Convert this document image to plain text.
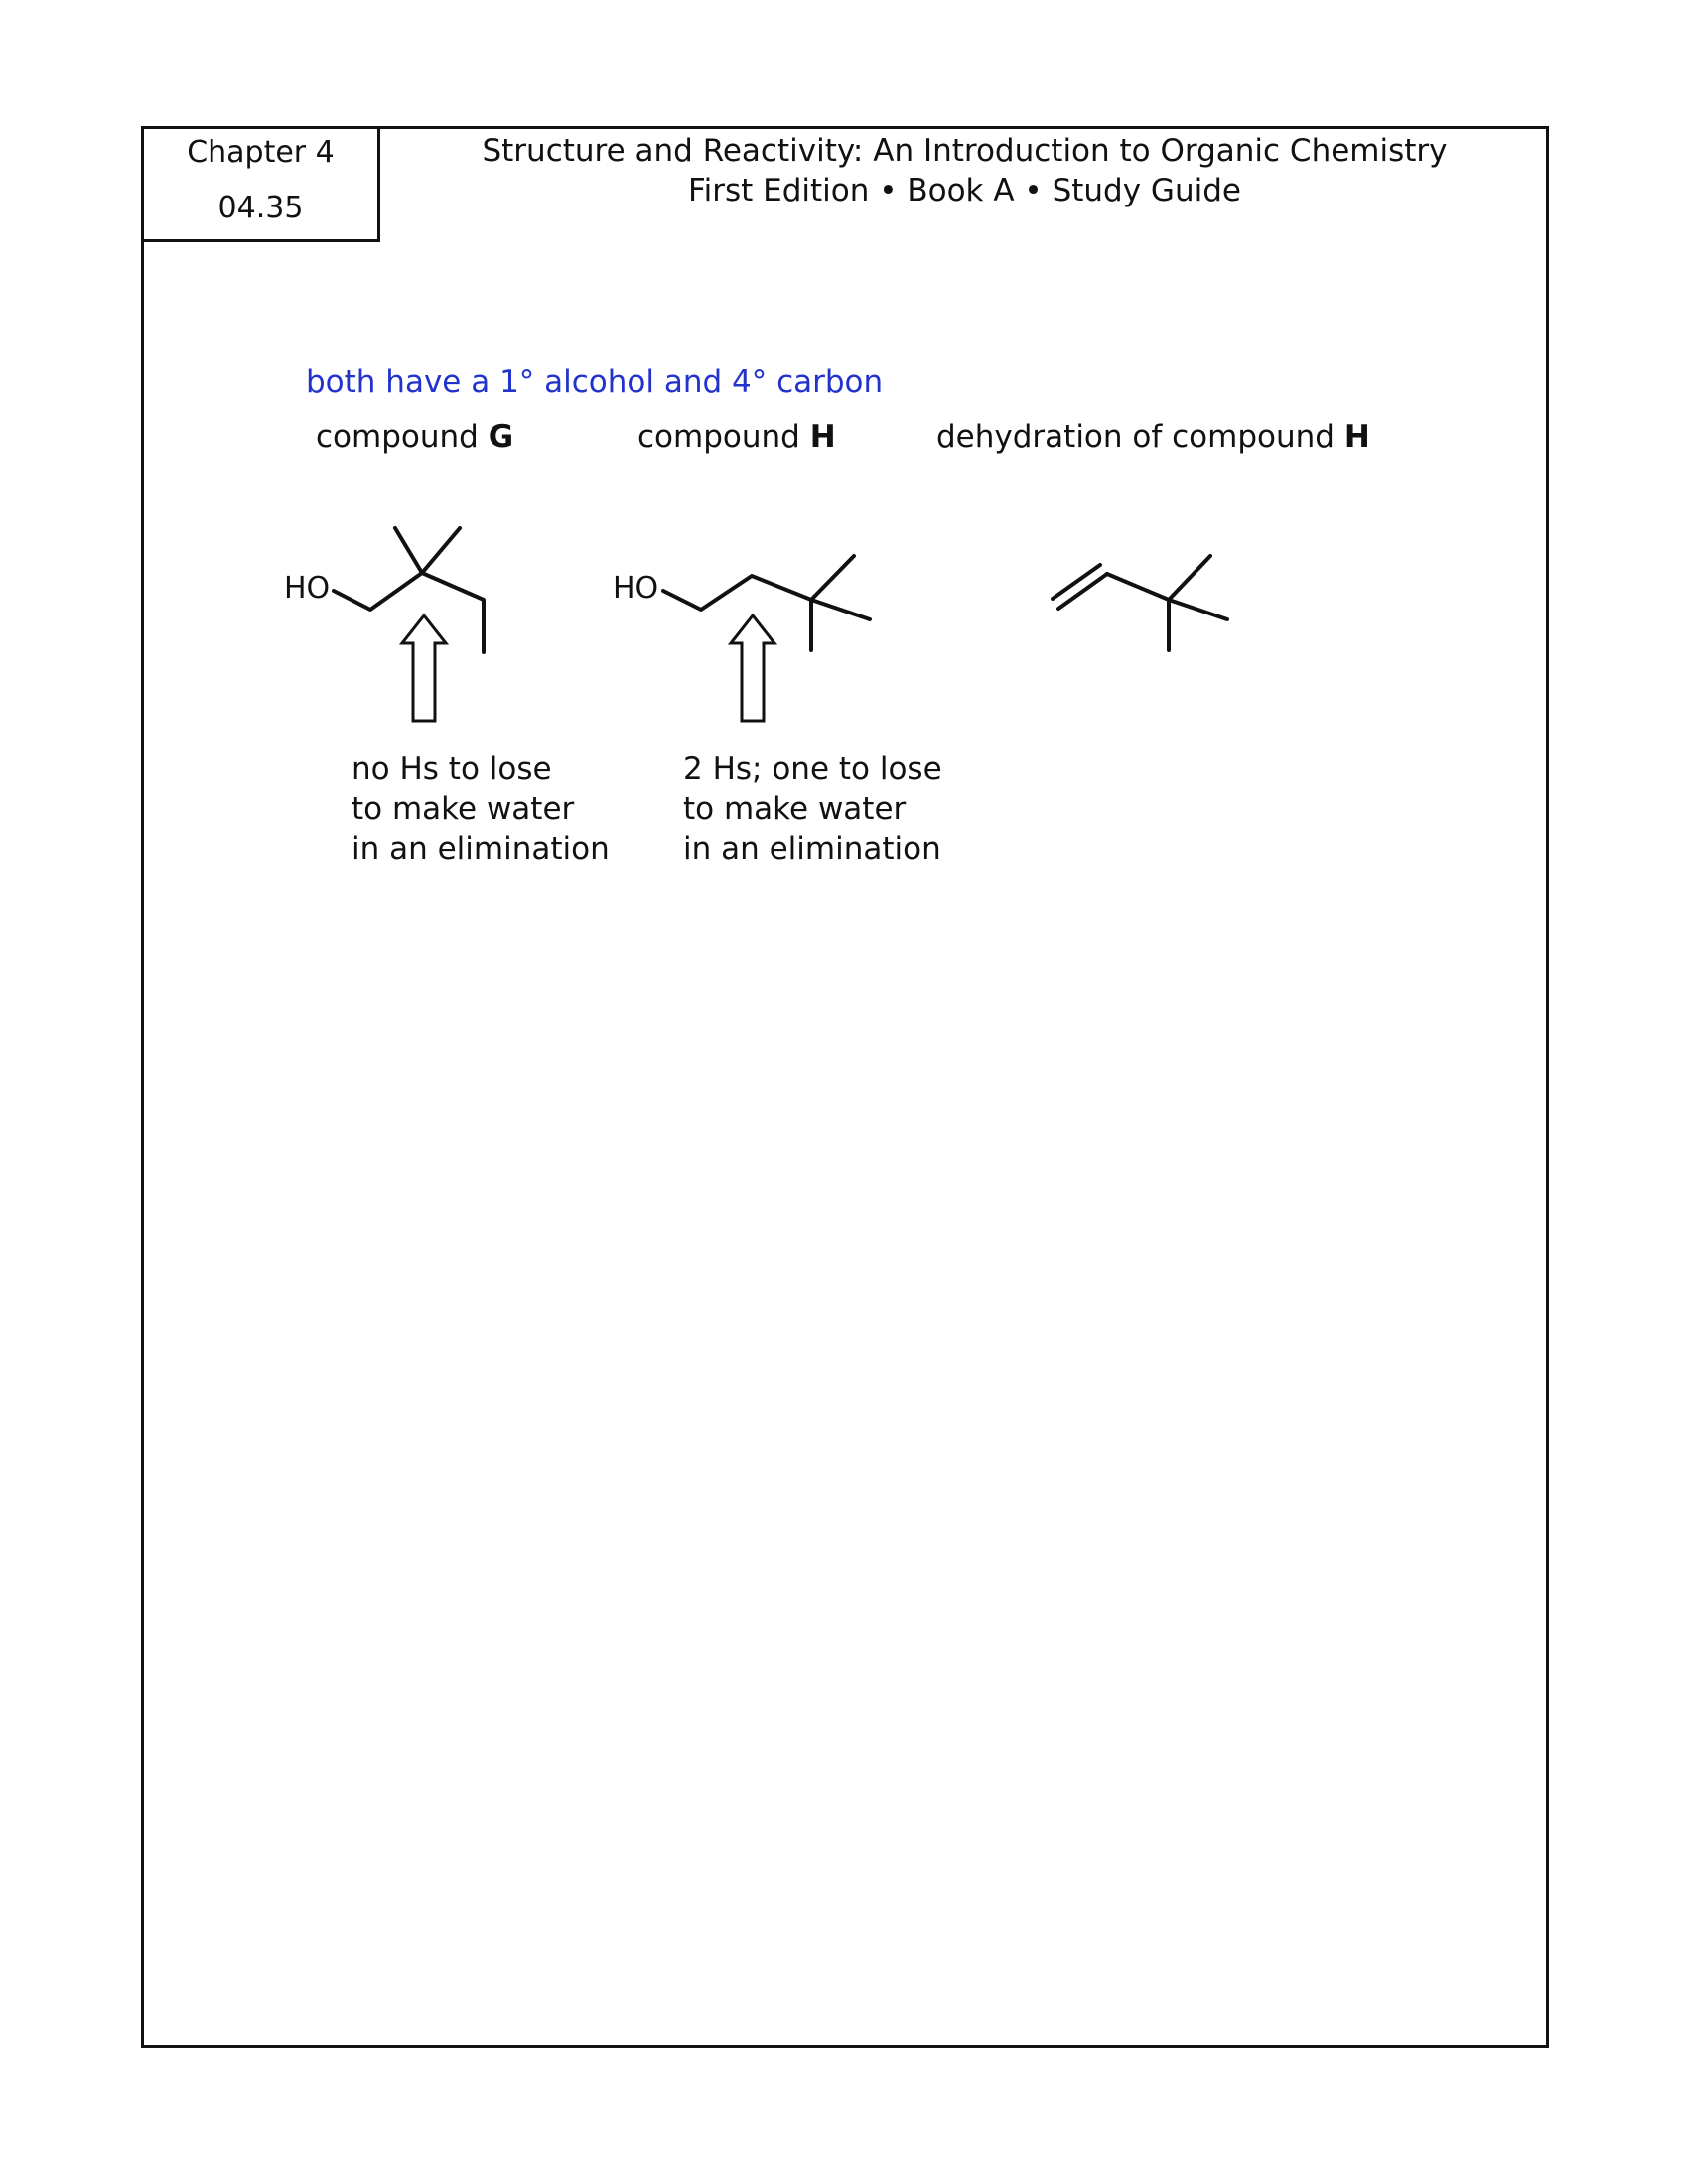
Chapter 4
04.35
Structure and Reactivity: An Introduction to Organic Chemistry
First Edition • Book A • Study Guide
both have a 1° alcohol and 4° carbon
compound G	compound H	dehydration of compound H
HO	HO
no Hs to lose
to make water
in an elimination
2 Hs; one to lose
to make water
in an elimination
